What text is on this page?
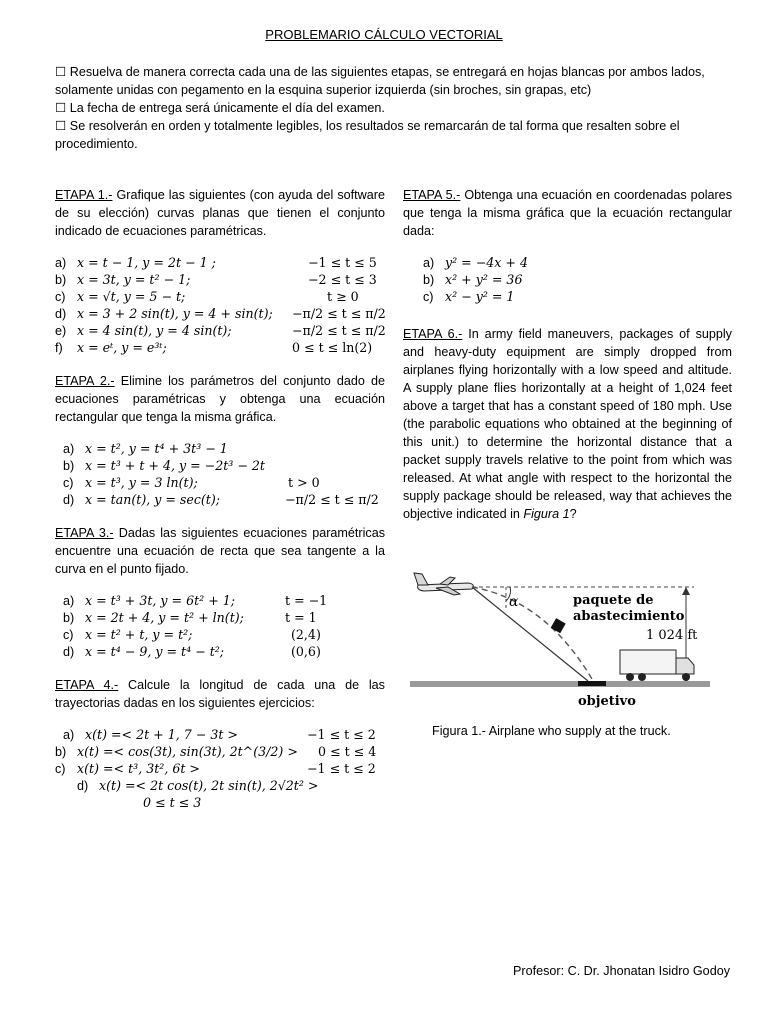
PROBLEMARIO CÁLCULO VECTORIAL
☐ Resuelva de manera correcta cada una de las siguientes etapas, se entregará en hojas blancas por ambos lados, solamente unidas con pegamento en la esquina superior izquierda (sin broches, sin grapas, etc)
☐ La fecha de entrega será únicamente el día del examen.
☐ Se resolverán en orden y totalmente legibles, los resultados se remarcarán de tal forma que resalten sobre el procedimiento.
ETAPA 1.- Grafique las siguientes (con ayuda del software de su elección) curvas planas que tienen el conjunto indicado de ecuaciones paramétricas.
a) x = t − 1, y = 2t − 1 ;	−1 ≤ t ≤ 5
b) x = 3t, y = t² − 1;	−2 ≤ t ≤ 3
c) x = √t, y = 5 − t;	t ≥ 0
d) x = 3 + 2 sin(t), y = 4 + sin(t); −π/2 ≤ t ≤ π/2
e) x = 4 sin(t), y = 4 sin(t);	−π/2 ≤ t ≤ π/2
f) x = eᵗ, y = e³ᵗ;	0 ≤ t ≤ ln(2)
ETAPA 2.- Elimine los parámetros del conjunto dado de ecuaciones paramétricas y obtenga una ecuación rectangular que tenga la misma gráfica.
a) x = t², y = t⁴ + 3t³ − 1
b) x = t³ + t + 4, y = −2t³ − 2t
c) x = t³, y = 3 ln(t);	t > 0
d) x = tan(t), y = sec(t);	−π/2 ≤ t ≤ π/2
ETAPA 3.- Dadas las siguientes ecuaciones paramétricas encuentre una ecuación de recta que sea tangente a la curva en el punto fijado.
a) x = t³ + 3t, y = 6t² + 1;	t = −1
b) x = 2t + 4, y = t² + ln(t);	t = 1
c) x = t² + t, y = t²;	(2,4)
d) x = t⁴ − 9, y = t⁴ − t²;	(0,6)
ETAPA 4.- Calcule la longitud de cada una de las trayectorias dadas en los siguientes ejercicios:
a) x(t) =< 2t + 1, 7 − 3t >	−1 ≤ t ≤ 2
b) x(t) =< cos(3t), sin(3t), 2t^(3/2) > 0 ≤ t ≤ 4
c) x(t) =< t³, 3t², 6t >	−1 ≤ t ≤ 2
d) x(t) =< 2t cos(t), 2t sin(t), 2√2t² >
0 ≤ t ≤ 3
ETAPA 5.- Obtenga una ecuación en coordenadas polares que tenga la misma gráfica que la ecuación rectangular dada:
a) y² = −4x + 4
b) x² + y² = 36
c) x² − y² = 1
ETAPA 6.- In army field maneuvers, packages of supply and heavy-duty equipment are simply dropped from airplanes flying horizontally with a low speed and altitude. A supply plane flies horizontally at a height of 1,024 feet above a target that has a constant speed of 180 mph. Use (the parabolic equations who obtained at the beginning of this unit.) to determine the horizontal distance that a packet supply travels relative to the point from which was released. At what angle with respect to the horizontal the supply package should be released, way that achieves the objective indicated in Figura 1?
α	paquete de
abastecimiento
1 024 ft
objetivo
Figura 1.- Airplane who supply at the truck.
Profesor: C. Dr. Jhonatan Isidro Godoy
